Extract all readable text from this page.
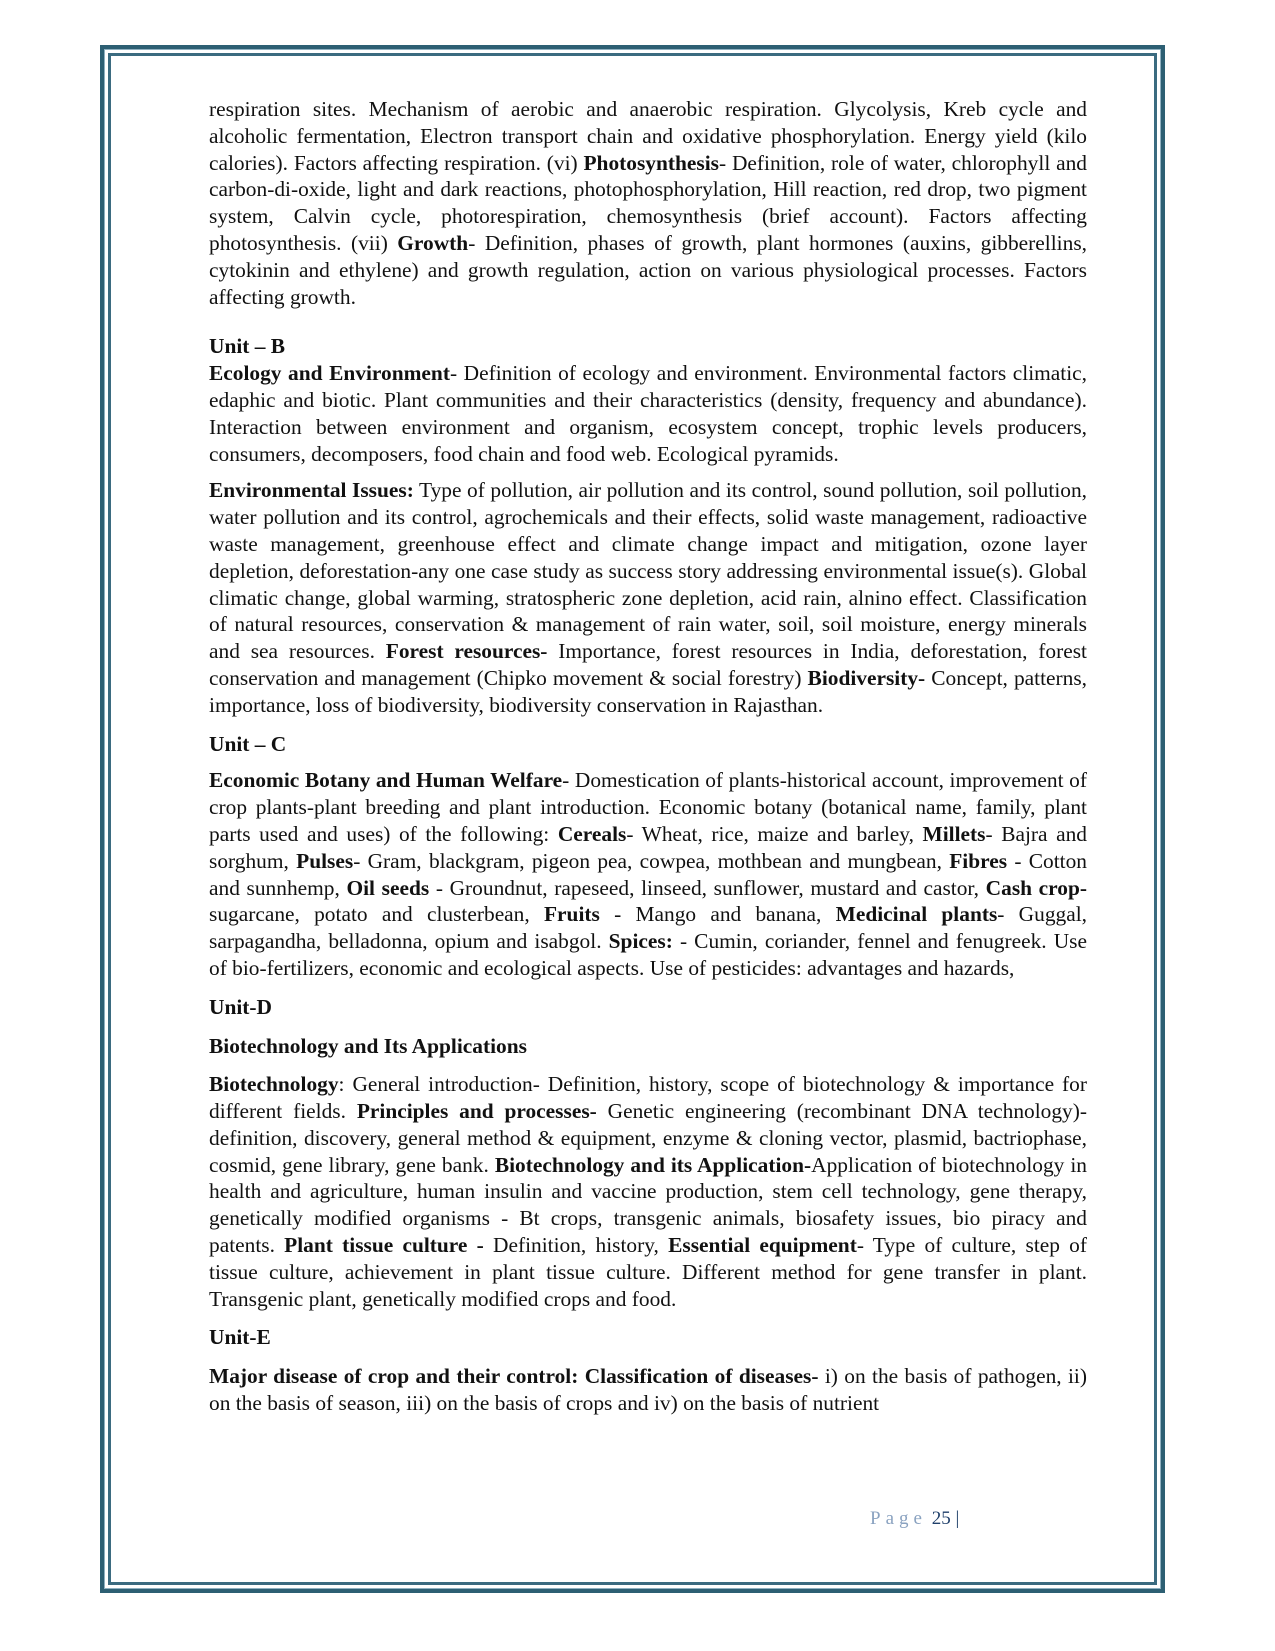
respiration sites. Mechanism of aerobic and anaerobic respiration. Glycolysis, Kreb cycle and alcoholic fermentation, Electron transport chain and oxidative phosphorylation. Energy yield (kilo calories). Factors affecting respiration. (vi) Photosynthesis- Definition, role of water, chlorophyll and carbon-di-oxide, light and dark reactions, photophosphorylation, Hill reaction, red drop, two pigment system, Calvin cycle, photorespiration, chemosynthesis (brief account). Factors affecting photosynthesis. (vii) Growth- Definition, phases of growth, plant hormones (auxins, gibberellins, cytokinin and ethylene) and growth regulation, action on various physiological processes. Factors affecting growth.

Unit – B

Ecology and Environment- Definition of ecology and environment. Environmental factors climatic, edaphic and biotic. Plant communities and their characteristics (density, frequency and abundance). Interaction between environment and organism, ecosystem concept, trophic levels producers, consumers, decomposers, food chain and food web. Ecological pyramids.

Environmental Issues: Type of pollution, air pollution and its control, sound pollution, soil pollution, water pollution and its control, agrochemicals and their effects, solid waste management, radioactive waste management, greenhouse effect and climate change impact and mitigation, ozone layer depletion, deforestation-any one case study as success story addressing environmental issue(s). Global climatic change, global warming, stratospheric zone depletion, acid rain, alnino effect. Classification of natural resources, conservation & management of rain water, soil, soil moisture, energy minerals and sea resources. Forest resources- Importance, forest resources in India, deforestation, forest conservation and management (Chipko movement & social forestry) Biodiversity- Concept, patterns, importance, loss of biodiversity, biodiversity conservation in Rajasthan.

Unit – C

Economic Botany and Human Welfare- Domestication of plants-historical account, improvement of crop plants-plant breeding and plant introduction. Economic botany (botanical name, family, plant parts used and uses) of the following: Cereals- Wheat, rice, maize and barley, Millets- Bajra and sorghum, Pulses- Gram, blackgram, pigeon pea, cowpea, mothbean and mungbean, Fibres - Cotton and sunnhemp, Oil seeds - Groundnut, rapeseed, linseed, sunflower, mustard and castor, Cash crop- sugarcane, potato and clusterbean, Fruits - Mango and banana, Medicinal plants- Guggal, sarpagandha, belladonna, opium and isabgol. Spices: - Cumin, coriander, fennel and fenugreek. Use of bio-fertilizers, economic and ecological aspects. Use of pesticides: advantages and hazards,

Unit-D

Biotechnology and Its Applications

Biotechnology: General introduction- Definition, history, scope of biotechnology & importance for different fields. Principles and processes- Genetic engineering (recombinant DNA technology)- definition, discovery, general method & equipment, enzyme & cloning vector, plasmid, bactriophase, cosmid, gene library, gene bank. Biotechnology and its Application-Application of biotechnology in health and agriculture, human insulin and vaccine production, stem cell technology, gene therapy, genetically modified organisms - Bt crops, transgenic animals, biosafety issues, bio piracy and patents. Plant tissue culture - Definition, history, Essential equipment- Type of culture, step of tissue culture, achievement in plant tissue culture. Different method for gene transfer in plant. Transgenic plant, genetically modified crops and food.

Unit-E

Major disease of crop and their control: Classification of diseases- i) on the basis of pathogen, ii) on the basis of season, iii) on the basis of crops and iv) on the basis of nutrient

Page 25 |
